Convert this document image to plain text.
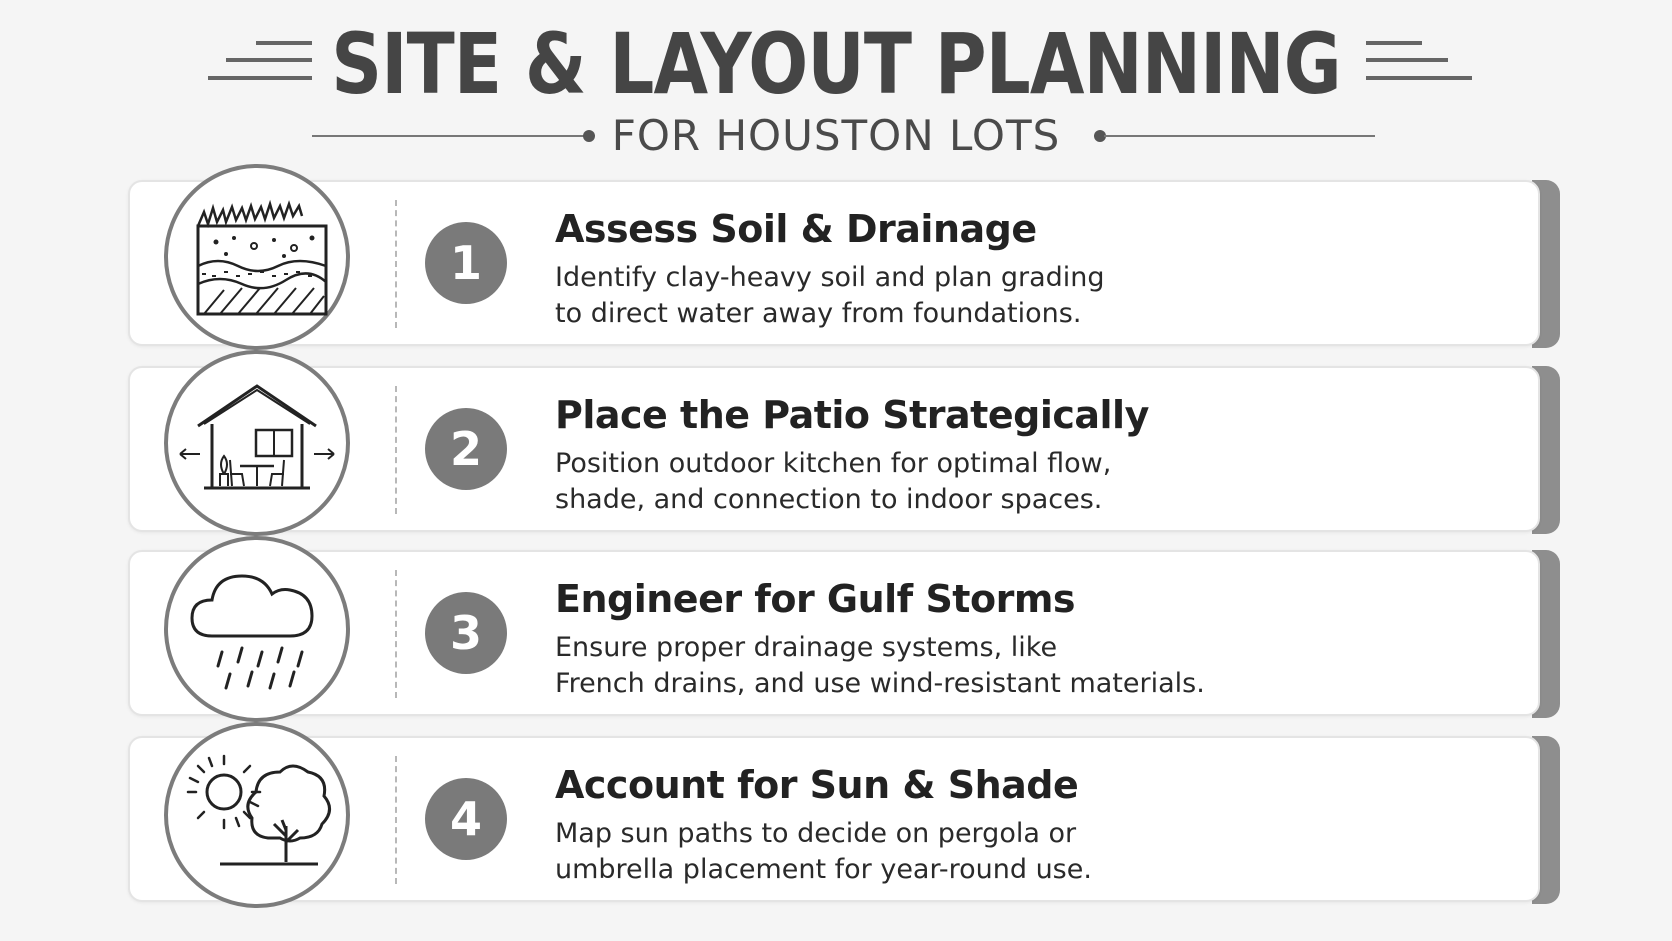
SITE & LAYOUT PLANNING

FOR HOUSTON LOTS

1
Assess Soil & Drainage
Identify clay-heavy soil and plan grading
to direct water away from foundations.
2
Place the Patio Strategically
Position outdoor kitchen for optimal flow,
shade, and connection to indoor spaces.
3
Engineer for Gulf Storms
Ensure proper drainage systems, like
French drains, and use wind-resistant materials.
4
Account for Sun & Shade
Map sun paths to decide on pergola or
umbrella placement for year-round use.
